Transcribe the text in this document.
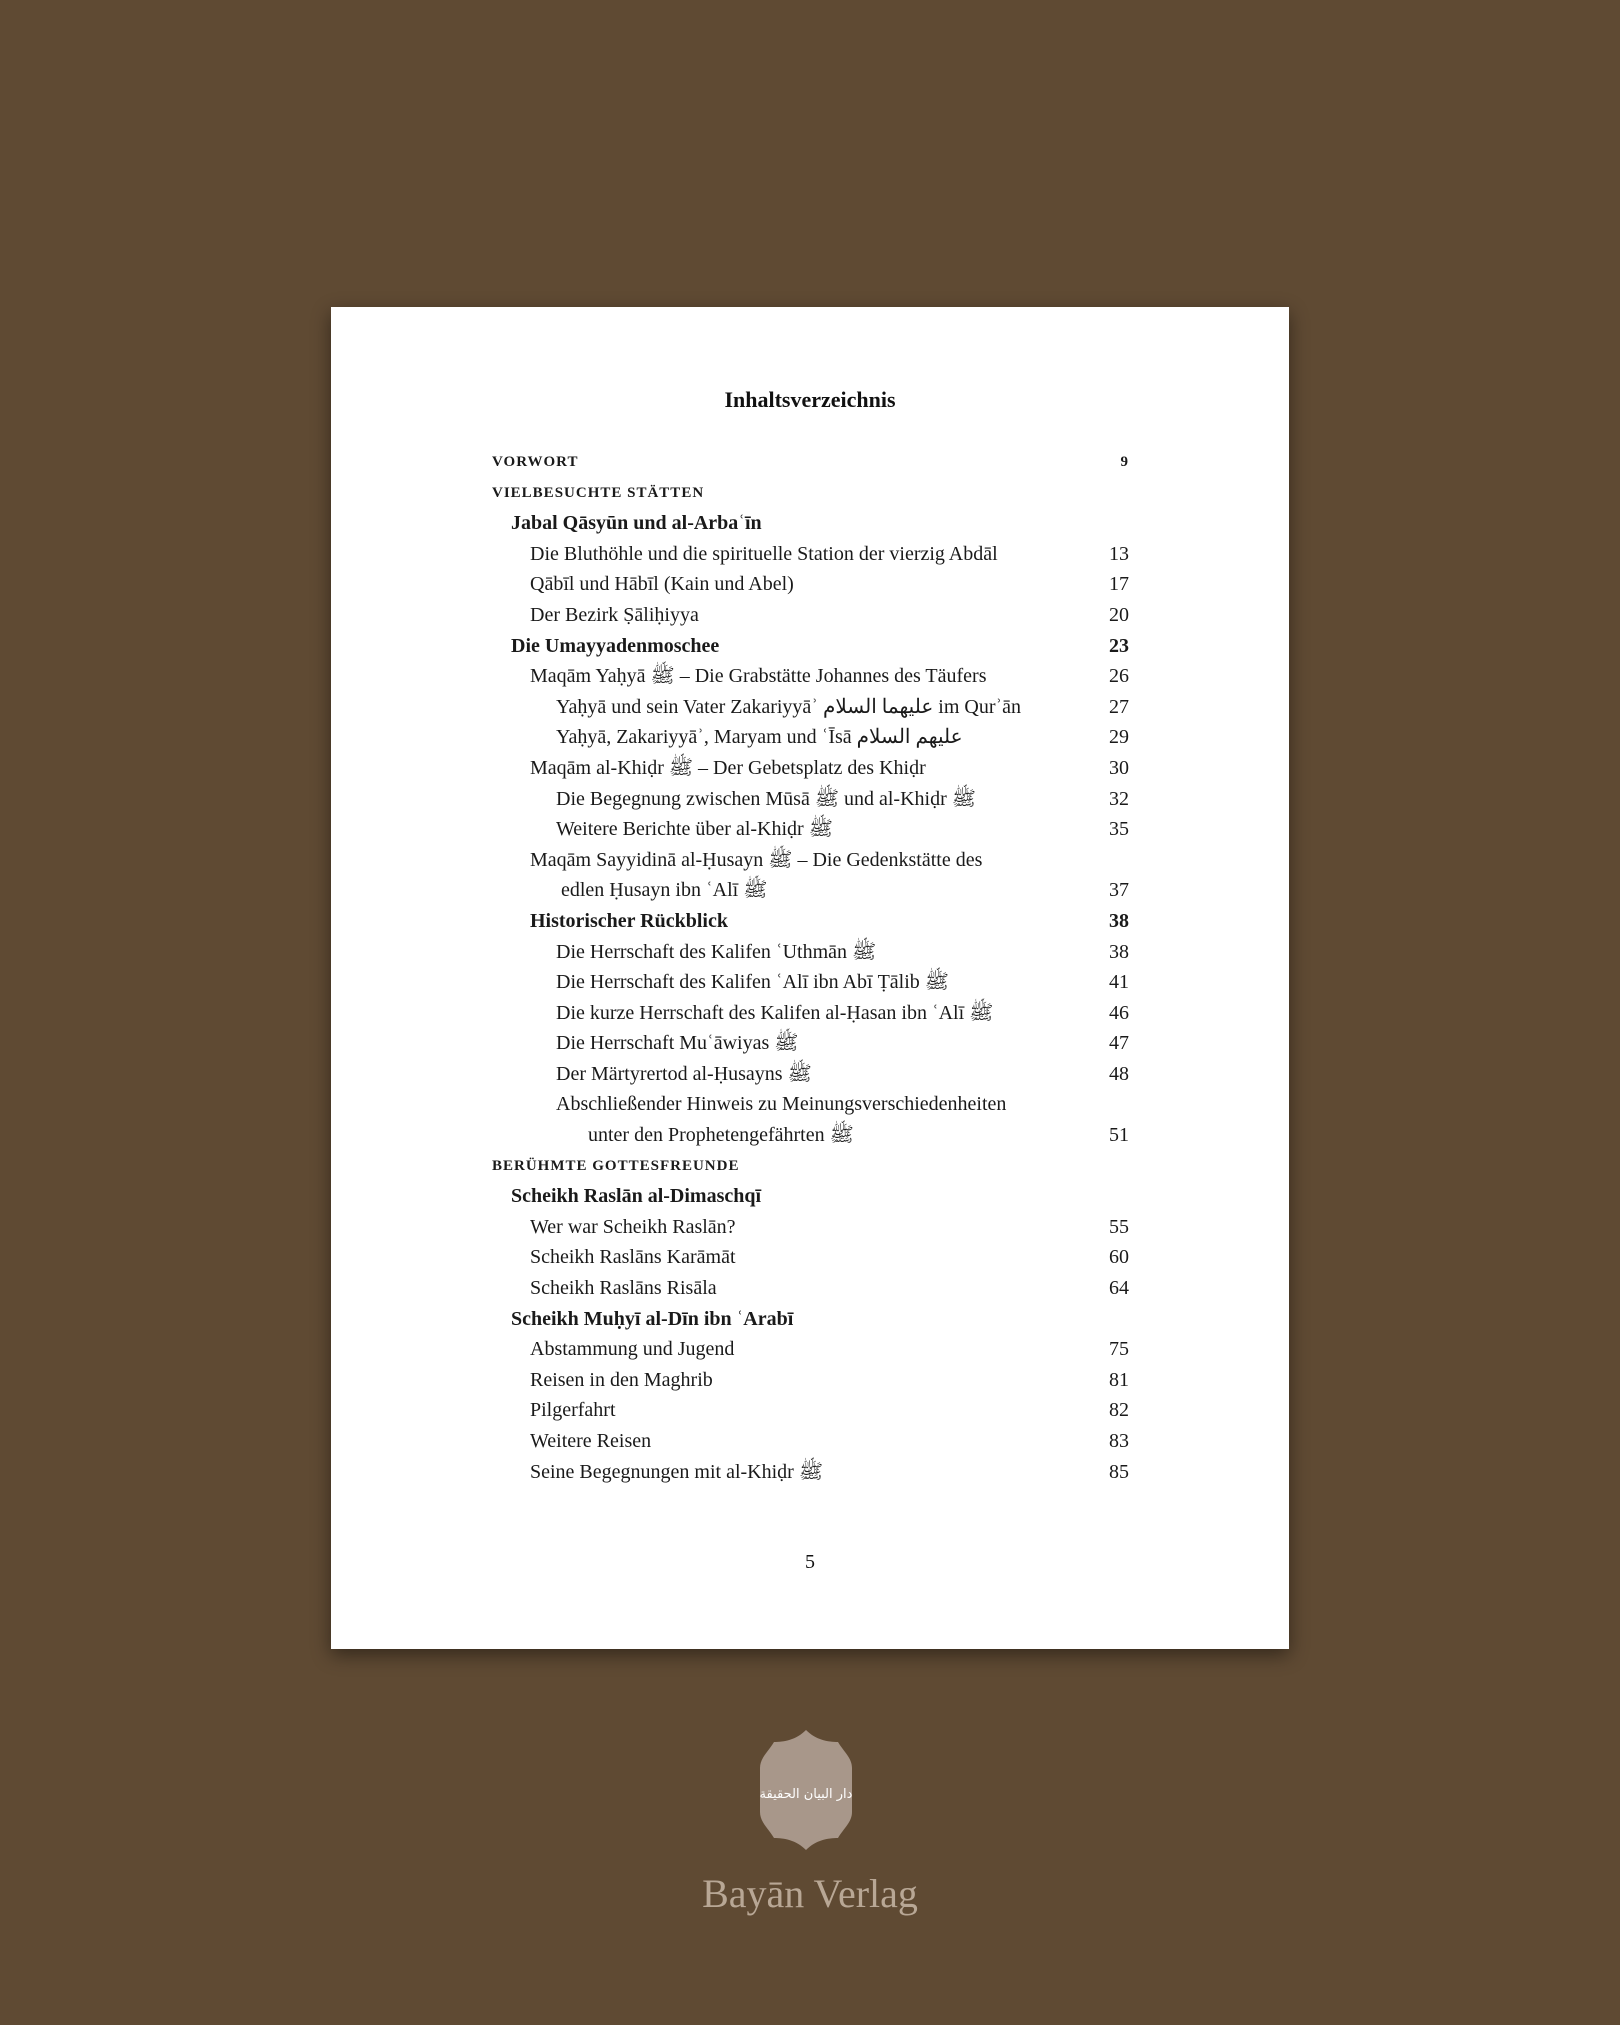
Inhaltsverzeichnis
VORWORT	9
VIELBESUCHTE STÄTTEN
Jabal Qāsyūn und al-Arbaʿīn
Die Bluthöhle und die spirituelle Station der vierzig Abdāl	13
Qābīl und Hābīl (Kain und Abel)	17
Der Bezirk Ṣāliḥiyya	20
Die Umayyadenmoschee	23
Maqām Yaḥyā ﷺ – Die Grabstätte Johannes des Täufers	26
Yaḥyā und sein Vater Zakariyyāʾ عليهما السلام im Qurʾān	27
Yaḥyā, Zakariyyāʾ, Maryam und ʿĪsā عليهم السلام	29
Maqām al-Khiḍr ﷺ – Der Gebetsplatz des Khiḍr	30
Die Begegnung zwischen Mūsā ﷺ und al-Khiḍr ﷺ	32
Weitere Berichte über al-Khiḍr ﷺ	35
Maqām Sayyidinā al-Ḥusayn ﷺ – Die Gedenkstätte des
edlen Ḥusayn ibn ʿAlī ﷺ	37
Historischer Rückblick	38
Die Herrschaft des Kalifen ʿUthmān ﷺ	38
Die Herrschaft des Kalifen ʿAlī ibn Abī Ṭālib ﷺ	41
Die kurze Herrschaft des Kalifen al-Ḥasan ibn ʿAlī ﷺ	46
Die Herrschaft Muʿāwiyas ﷺ	47
Der Märtyrertod al-Ḥusayns ﷺ	48
Abschließender Hinweis zu Meinungsverschiedenheiten
unter den Prophetengefährten ﷺ	51
BERÜHMTE GOTTESFREUNDE
Scheikh Raslān al-Dimaschqī
Wer war Scheikh Raslān?	55
Scheikh Raslāns Karāmāt	60
Scheikh Raslāns Risāla	64
Scheikh Muḥyī al-Dīn ibn ʿArabī
Abstammung und Jugend	75
Reisen in den Maghrib	81
Pilgerfahrt	82
Weitere Reisen	83
Seine Begegnungen mit al-Khiḍr ﷺ	85
5
دار البيان الحقيقة
Bayān Verlag
